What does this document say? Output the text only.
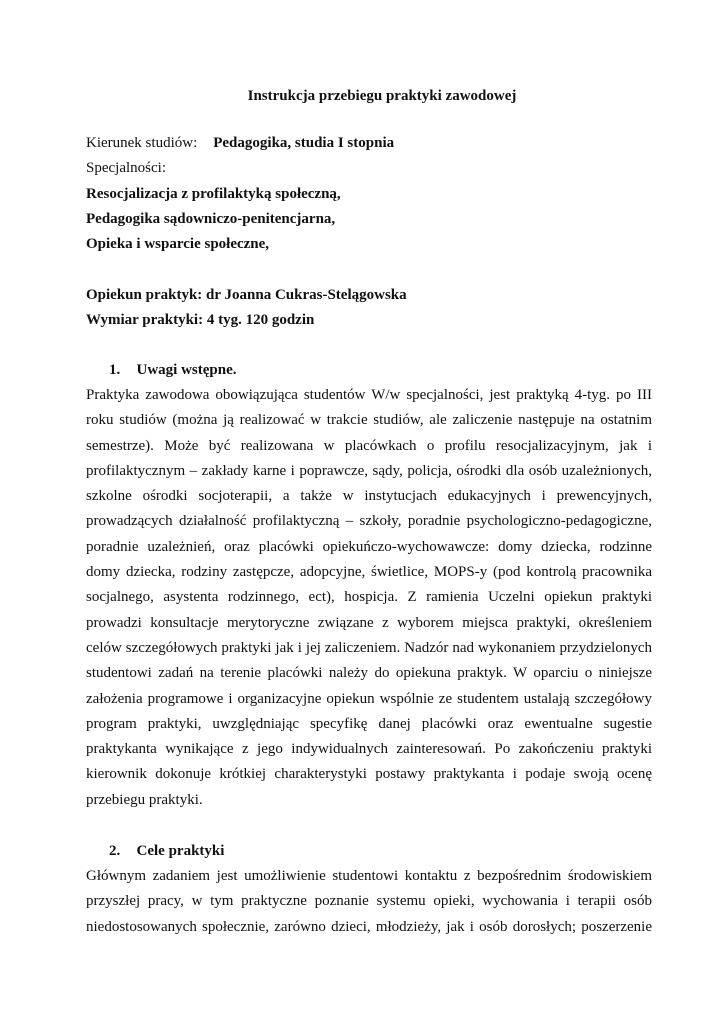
Instrukcja przebiegu praktyki zawodowej
Kierunek studiów: Pedagogika, studia I stopnia
Specjalności:
Resocjalizacja z profilaktyką społeczną,
Pedagogika sądowniczo-penitencjarna,
Opieka i wsparcie społeczne,
Opiekun praktyk: dr Joanna Cukras-Stelągowska
Wymiar praktyki: 4 tyg. 120 godzin
1. Uwagi wstępne.
Praktyka zawodowa obowiązująca studentów W/w specjalności, jest praktyką 4-tyg. po III
roku studiów (można ją realizować w trakcie studiów, ale zaliczenie następuje na ostatnim
semestrze). Może być realizowana w placówkach o profilu resocjalizacyjnym, jak i
profilaktycznym – zakłady karne i poprawcze, sądy, policja, ośrodki dla osób uzależnionych,
szkolne ośrodki socjoterapii, a także w instytucjach edukacyjnych i prewencyjnych,
prowadzących działalność profilaktyczną – szkoły, poradnie psychologiczno-pedagogiczne,
poradnie uzależnień, oraz placówki opiekuńczo-wychowawcze: domy dziecka, rodzinne
domy dziecka, rodziny zastępcze, adopcyjne, świetlice, MOPS-y (pod kontrolą pracownika
socjalnego, asystenta rodzinnego, ect), hospicja. Z ramienia Uczelni opiekun praktyki
prowadzi konsultacje merytoryczne związane z wyborem miejsca praktyki, określeniem
celów szczegółowych praktyki jak i jej zaliczeniem. Nadzór nad wykonaniem przydzielonych
studentowi zadań na terenie placówki należy do opiekuna praktyk. W oparciu o niniejsze
założenia programowe i organizacyjne opiekun wspólnie ze studentem ustalają szczegółowy
program praktyki, uwzględniając specyfikę danej placówki oraz ewentualne sugestie
praktykanta wynikające z jego indywidualnych zainteresowań. Po zakończeniu praktyki
kierownik dokonuje krótkiej charakterystyki postawy praktykanta i podaje swoją ocenę
przebiegu praktyki.
2. Cele praktyki
Głównym zadaniem jest umożliwienie studentowi kontaktu z bezpośrednim środowiskiem
przyszłej pracy, w tym praktyczne poznanie systemu opieki, wychowania i terapii osób
niedostosowanych społecznie, zarówno dzieci, młodzieży, jak i osób dorosłych; poszerzenie
